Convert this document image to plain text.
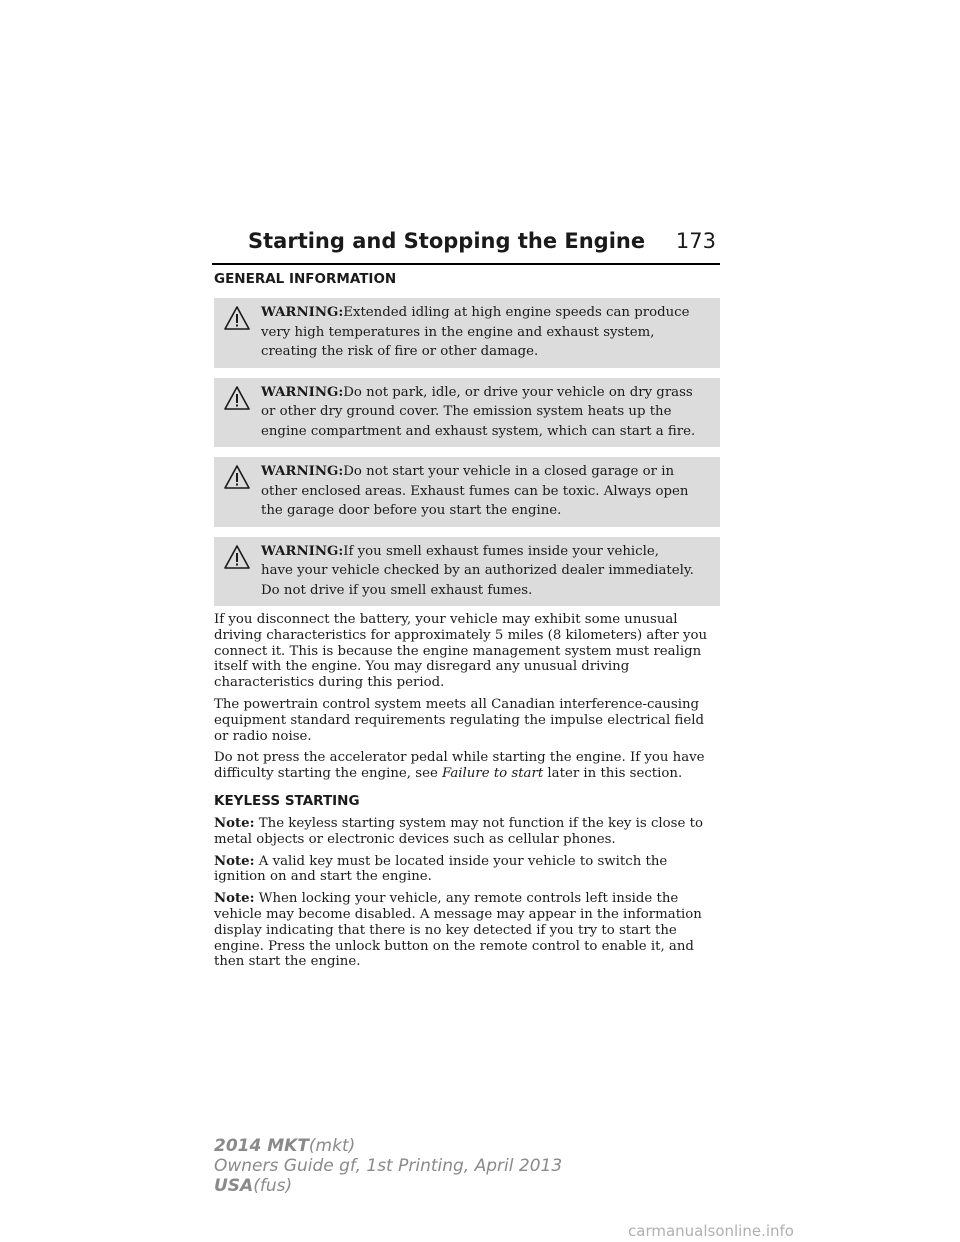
Starting and Stopping the Engine 173
GENERAL INFORMATION
WARNING:Extended idling at high engine speeds can produce
very high temperatures in the engine and exhaust system, creating the risk of fire or other damage.
WARNING:Do not park, idle, or drive your vehicle on dry grass
or other dry ground cover. The emission system heats up the engine compartment and exhaust system, which can start a fire.
WARNING:Do not start your vehicle in a closed garage or in
other enclosed areas. Exhaust fumes can be toxic. Always open the garage door before you start the engine.
WARNING:If you smell exhaust fumes inside your vehicle,
have your vehicle checked by an authorized dealer immediately. Do not drive if you smell exhaust fumes.

If you disconnect the battery, your vehicle may exhibit some unusual driving characteristics for approximately 5 miles (8 kilometers) after you connect it. This is because the engine management system must realign itself with the engine. You may disregard any unusual driving characteristics during this period.

The powertrain control system meets all Canadian interference-causing equipment standard requirements regulating the impulse electrical field or radio noise.

Do not press the accelerator pedal while starting the engine. If you have difficulty starting the engine, see Failure to start later in this section.

KEYLESS STARTING

Note: The keyless starting system may not function if the key is close to metal objects or electronic devices such as cellular phones.

Note: A valid key must be located inside your vehicle to switch the ignition on and start the engine.

Note: When locking your vehicle, any remote controls left inside the vehicle may become disabled. A message may appear in the information display indicating that there is no key detected if you try to start the engine. Press the unlock button on the remote control to enable it, and then start the engine.

2014 MKT(mkt)
Owners Guide gf, 1st Printing, April 2013
USA(fus)
carmanualsonline.info
